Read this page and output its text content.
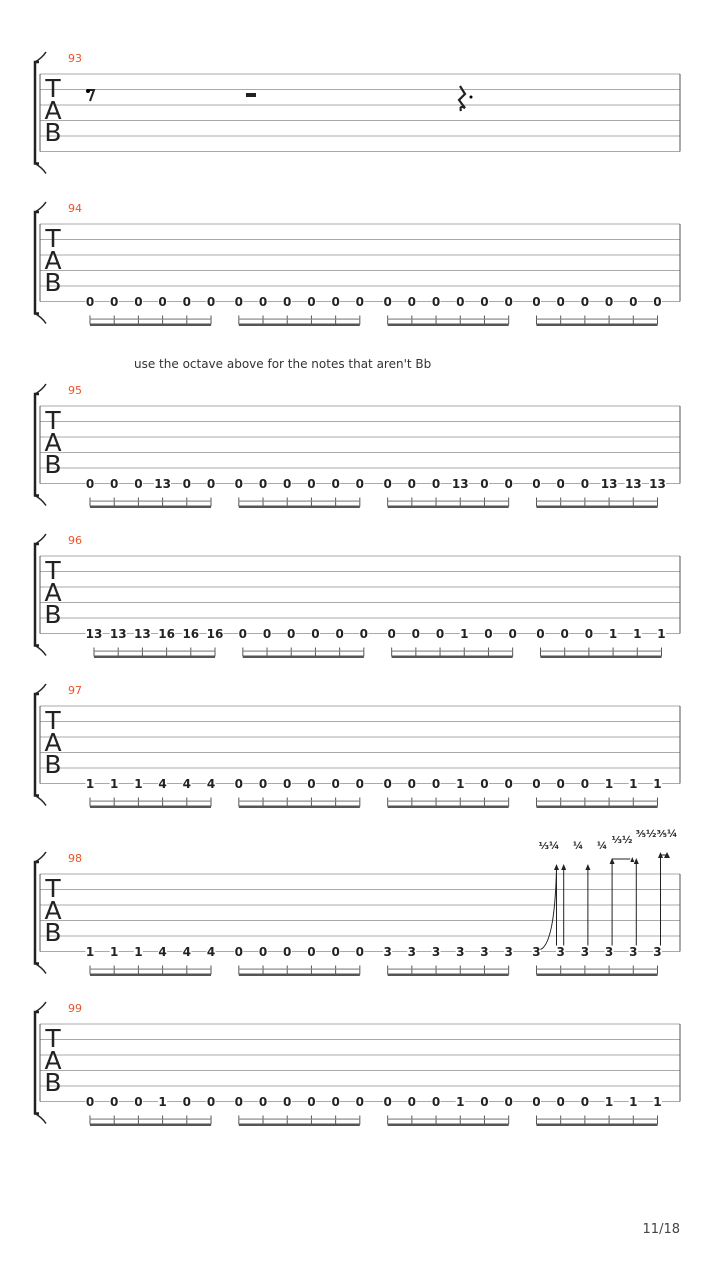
use the octave above for the notes that aren't Bb
T
A
B
93
T
A
B
94
0 0 0 0 0 0 0 0 0 0 0 0 0 0 0 0 0 0 0 0 0 0 0 0
T
A
B
95
0 0 0 13 0 0 0 0 0 0 0 0 0 0 0 13 0 0 0 0 0 13 13 13
T
A
B
96
13 13 13 16 16 16 0 0 0 0 0 0 0 0 0 1 0 0 0 0 0 1 1 1
T
A
B
97
1 1 1 4 4 4 0 0 0 0 0 0 0 0 0 1 0 0 0 0 0 1 1 1
T
A
B
98
1 1 1 4 4 4 0 0 0 0 0 0 3 3 3 3 3 3 3 3 3 3 3 3
⅓¼ ¼ ¼
⅓½
⅗½ ⅗¼
T
A
B
99
0 0 0 1 0 0 0 0 0 0 0 0 0 0 0 1 0 0 0 0 0 1 1 1
11/18
